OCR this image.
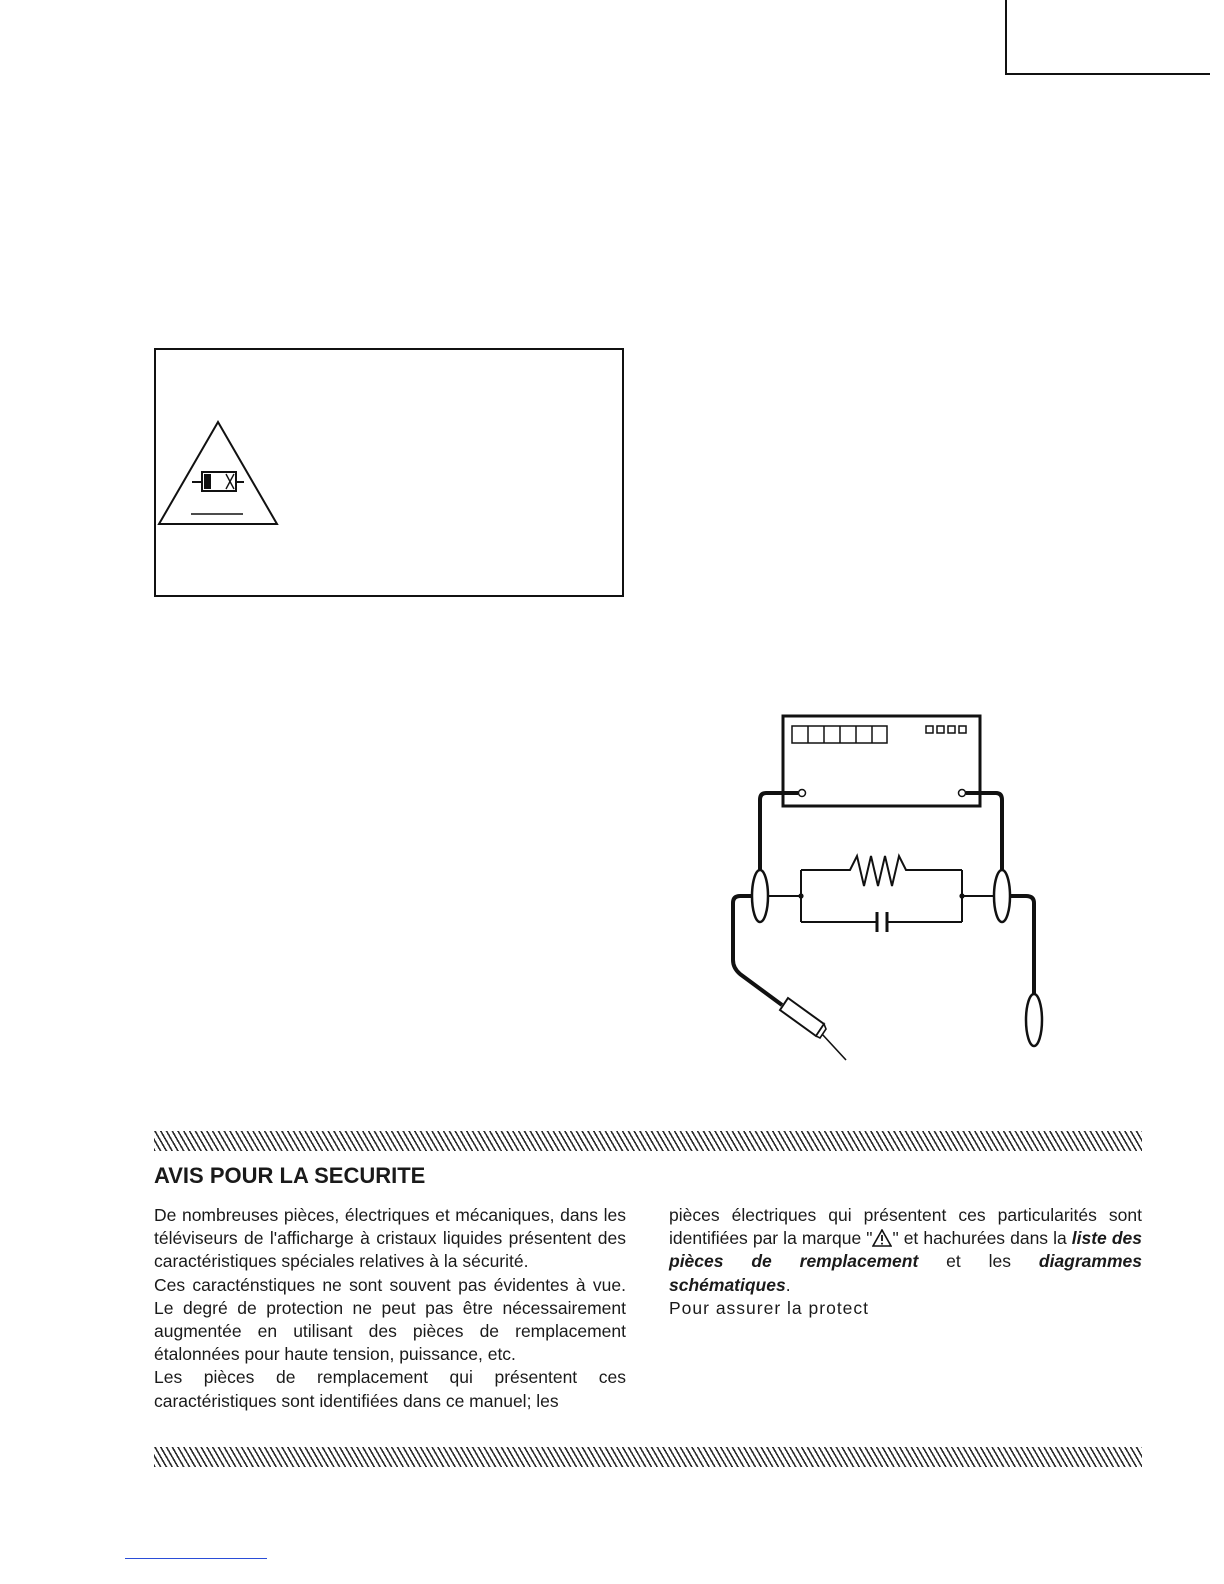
AVIS POUR LA SECURITE

De nombreuses pièces, électriques et mécaniques, dans les téléviseurs de l'afficharge à cristaux liquides présentent des caractéristiques spéciales relatives à la sécurité.

Ces caracténstiques ne sont souvent pas évidentes à vue. Le degré de protection ne peut pas être nécessairement augmentée en utilisant des pièces de remplacement étalonnées pour haute tension, puissance, etc.

Les pièces de remplacement qui présentent ces caractéristiques sont identifiées dans ce manuel; les

pièces électriques qui présentent ces particularités sont identifiées par la marque " " et hachurées dans la liste des pièces de remplacement et les diagrammes schématiques.

Pour assurer la protect
